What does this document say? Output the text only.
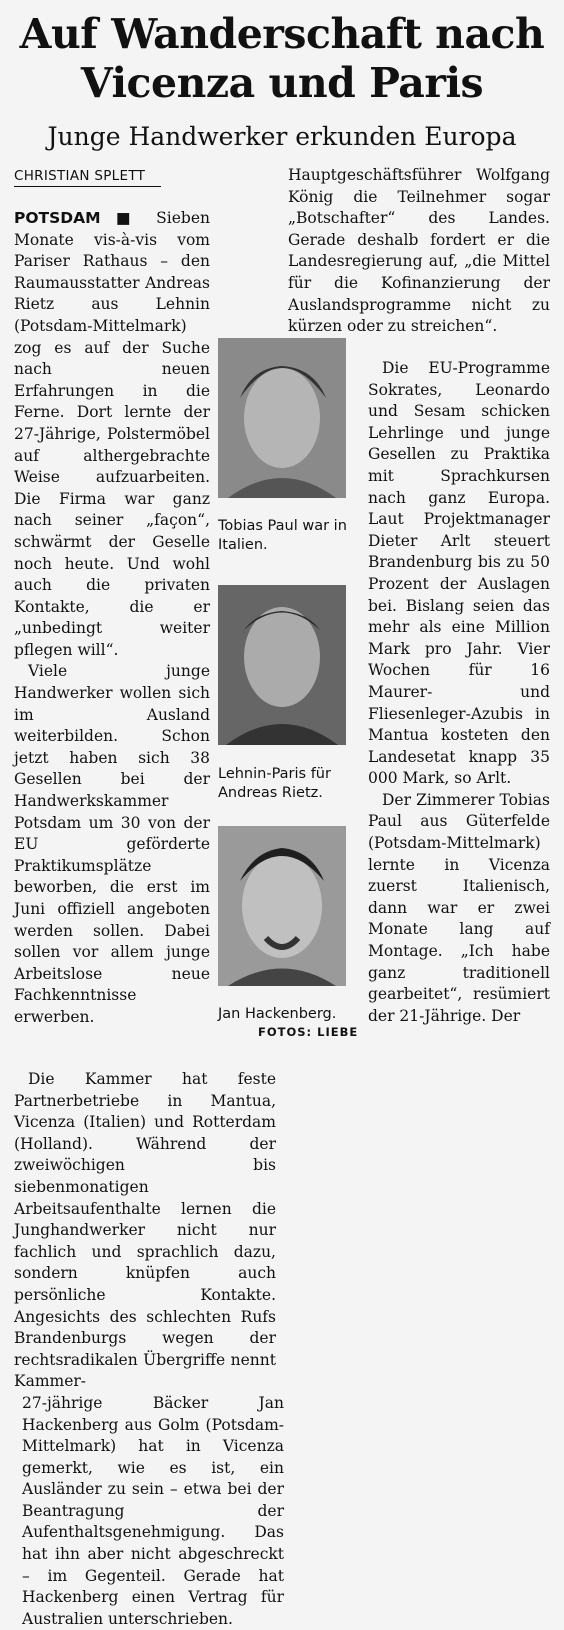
Auf Wanderschaft nach
Vicenza und Paris
Junge Handwerker erkunden Europa
CHRISTIAN SPLETT

POTSDAM ■ Sieben Monate vis-à-vis vom Pariser Rathaus – den Raumausstatter Andreas Rietz aus Lehnin (Potsdam-Mittelmark) zog es auf der Suche nach neuen Erfahrungen in die Ferne. Dort lernte der 27-Jährige, Polstermöbel auf althergebrachte Weise aufzuarbeiten. Die Firma war ganz nach seiner „façon“, schwärmt der Geselle noch heute. Und wohl auch die privaten Kontakte, die er „unbedingt weiter pflegen will“.

Viele junge Handwerker wollen sich im Ausland weiterbilden. Schon jetzt haben sich 38 Gesellen bei der Handwerkskammer Potsdam um 30 von der EU geförderte Praktikumsplätze beworben, die erst im Juni offiziell angeboten werden sollen. Dabei sollen vor allem junge Arbeitslose neue Fachkenntnisse erwerben.

Hauptgeschäftsführer Wolfgang König die Teilnehmer sogar „Botschafter“ des Landes. Gerade deshalb fordert er die Landesregierung auf, „die Mittel für die Kofinanzierung der Auslandsprogramme nicht zu kürzen oder zu streichen“.

Die EU-Programme Sokrates, Leonardo und Sesam schicken Lehrlinge und junge Gesellen zu Praktika mit Sprachkursen nach ganz Europa. Laut Projektmanager Dieter Arlt steuert Brandenburg bis zu 50 Prozent der Auslagen bei. Bislang seien das mehr als eine Million Mark pro Jahr. Vier Wochen für 16 Maurer- und Fliesenleger-Azubis in Mantua kosteten den Landesetat knapp 35 000 Mark, so Arlt.

Der Zimmerer Tobias Paul aus Güterfelde (Potsdam-Mittelmark) lernte in Vicenza zuerst Italienisch, dann war er zwei Monate lang auf Montage. „Ich habe ganz traditionell gearbeitet“, resümiert der 21-Jährige. Der

Tobias Paul war in Italien.
Lehnin-Paris für Andreas Rietz.
Jan Hackenberg.
FOTOS: LIEBE

Die Kammer hat feste Partnerbetriebe in Mantua, Vicenza (Italien) und Rotterdam (Holland). Während der zweiwöchigen bis siebenmonatigen Arbeitsaufenthalte lernen die Junghandwerker nicht nur fachlich und sprachlich dazu, sondern knüpfen auch persönliche Kontakte. Angesichts des schlechten Rufs Brandenburgs wegen der rechtsradikalen Übergriffe nennt Kammer-

27-jährige Bäcker Jan Hackenberg aus Golm (Potsdam-Mittelmark) hat in Vicenza gemerkt, wie es ist, ein Ausländer zu sein – etwa bei der Beantragung der Aufenthaltsgenehmigung. Das hat ihn aber nicht abgeschreckt – im Gegenteil. Gerade hat Hackenberg einen Vertrag für Australien unterschrieben.
